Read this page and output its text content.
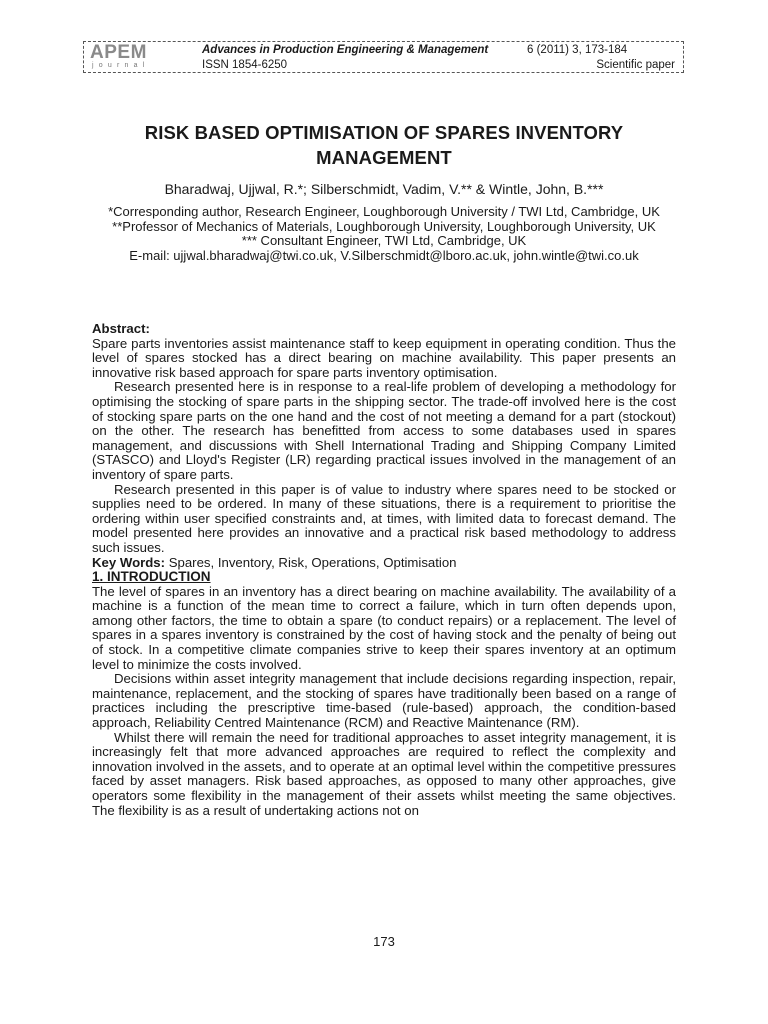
APEM
journal
Advances in Production Engineering & Management	6 (2011) 3, 173-184
ISSN 1854-6250	Scientific paper
RISK BASED OPTIMISATION OF SPARES INVENTORY MANAGEMENT
Bharadwaj, Ujjwal, R.*; Silberschmidt, Vadim, V.** & Wintle, John, B.***
*Corresponding author, Research Engineer, Loughborough University / TWI Ltd, Cambridge, UK
**Professor of Mechanics of Materials, Loughborough University, Loughborough University, UK
*** Consultant Engineer, TWI Ltd, Cambridge, UK
E-mail: ujjwal.bharadwaj@twi.co.uk, V.Silberschmidt@lboro.ac.uk, john.wintle@twi.co.uk

Abstract:

Spare parts inventories assist maintenance staff to keep equipment in operating condition. Thus the level of spares stocked has a direct bearing on machine availability. This paper presents an innovative risk based approach for spare parts inventory optimisation.

Research presented here is in response to a real-life problem of developing a methodology for optimising the stocking of spare parts in the shipping sector. The trade-off involved here is the cost of stocking spare parts on the one hand and the cost of not meeting a demand for a part (stockout) on the other. The research has benefitted from access to some databases used in spares management, and discussions with Shell International Trading and Shipping Company Limited (STASCO) and Lloyd's Register (LR) regarding practical issues involved in the management of an inventory of spare parts.

Research presented in this paper is of value to industry where spares need to be stocked or supplies need to be ordered. In many of these situations, there is a requirement to prioritise the ordering within user specified constraints and, at times, with limited data to forecast demand. The model presented here provides an innovative and a practical risk based methodology to address such issues.

Key Words: Spares, Inventory, Risk, Operations, Optimisation

1. INTRODUCTION

The level of spares in an inventory has a direct bearing on machine availability. The availability of a machine is a function of the mean time to correct a failure, which in turn often depends upon, among other factors, the time to obtain a spare (to conduct repairs) or a replacement. The level of spares in a spares inventory is constrained by the cost of having stock and the penalty of being out of stock. In a competitive climate companies strive to keep their spares inventory at an optimum level to minimize the costs involved.

Decisions within asset integrity management that include decisions regarding inspection, repair, maintenance, replacement, and the stocking of spares have traditionally been based on a range of practices including the prescriptive time-based (rule-based) approach, the condition-based approach, Reliability Centred Maintenance (RCM) and Reactive Maintenance (RM).

Whilst there will remain the need for traditional approaches to asset integrity management, it is increasingly felt that more advanced approaches are required to reflect the complexity and innovation involved in the assets, and to operate at an optimal level within the competitive pressures faced by asset managers. Risk based approaches, as opposed to many other approaches, give operators some flexibility in the management of their assets whilst meeting the same objectives. The flexibility is as a result of undertaking actions not on

173
